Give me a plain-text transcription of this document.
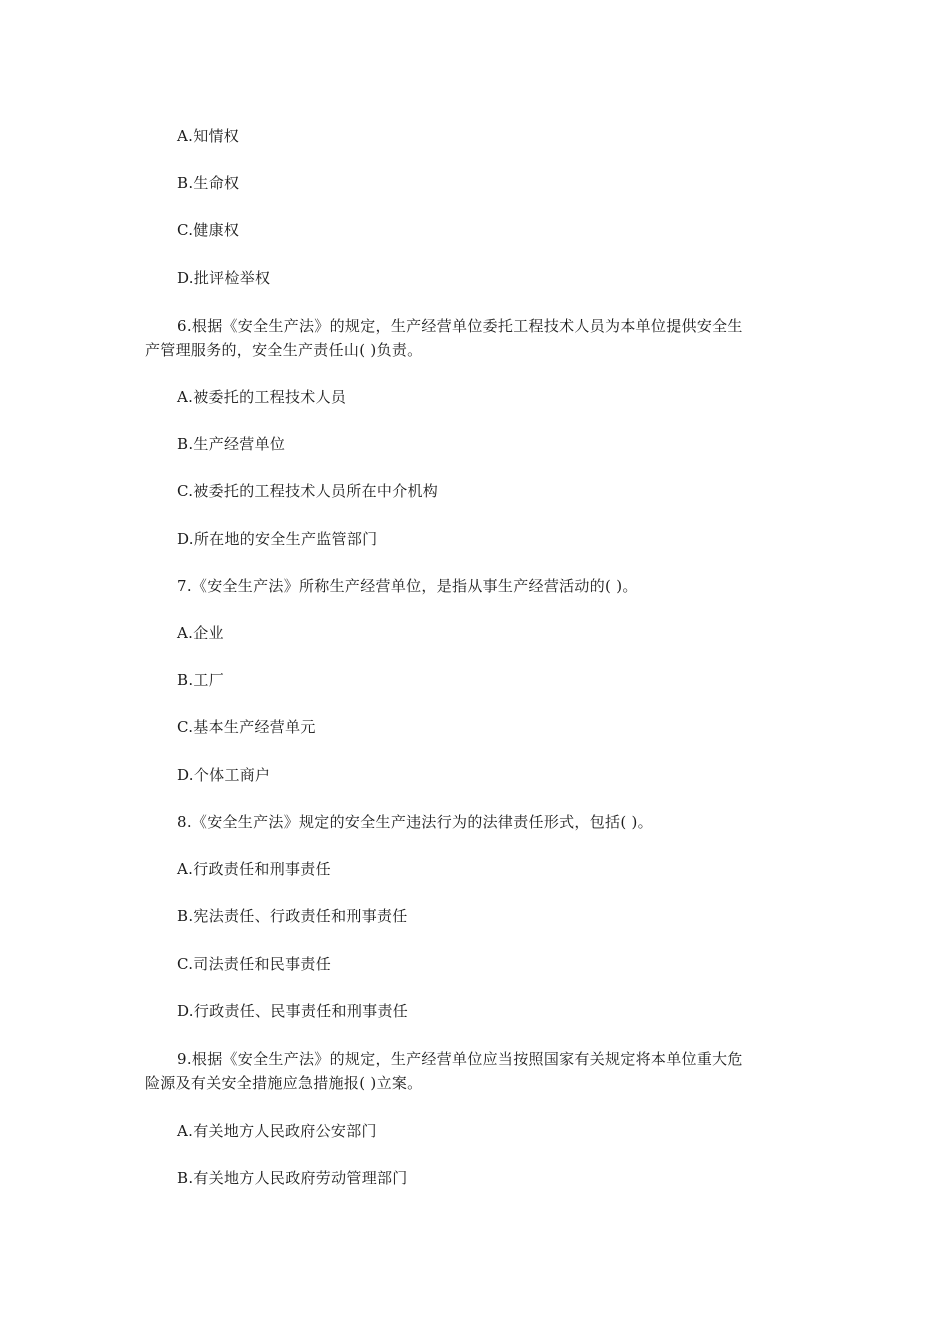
A.知情权
B.生命权
C.健康权
D.批评检举权
6.根据《安全生产法》的规定，生产经营单位委托工程技术人员为本单位提供安全生
产管理服务的，安全生产责任山( )负责。
A.被委托的工程技术人员
B.生产经营单位
C.被委托的工程技术人员所在中介机构
D.所在地的安全生产监管部门
7.《安全生产法》所称生产经营单位，是指从事生产经营活动的( )。
A.企业
B.工厂
C.基本生产经营单元
D.个体工商户
8.《安全生产法》规定的安全生产违法行为的法律责任形式，包括( )。
A.行政责任和刑事责任
B.宪法责任、行政责任和刑事责任
C.司法责任和民事责任
D.行政责任、民事责任和刑事责任
9.根据《安全生产法》的规定，生产经营单位应当按照国家有关规定将本单位重大危
险源及有关安全措施应急措施报( )立案。
A.有关地方人民政府公安部门
B.有关地方人民政府劳动管理部门
